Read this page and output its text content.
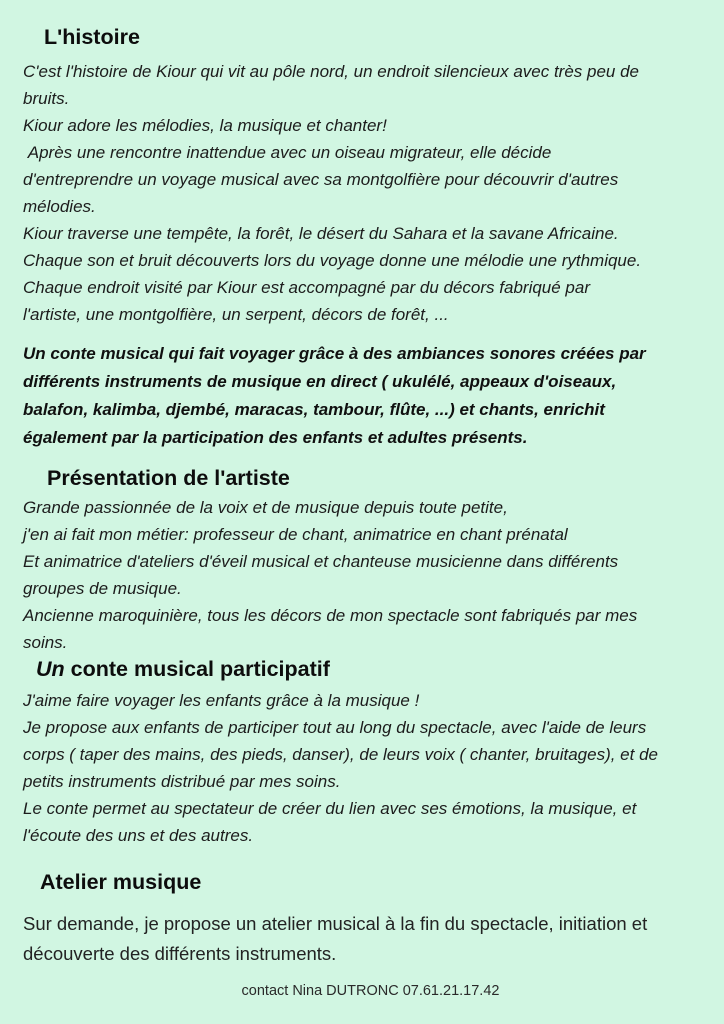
L'histoire
C'est l'histoire de Kiour qui vit au pôle nord, un endroit silencieux avec très peu de
bruits.
Kiour adore les mélodies, la musique et chanter!
Après une rencontre inattendue avec un oiseau migrateur, elle décide
d'entreprendre un voyage musical avec sa montgolfière pour découvrir d'autres
mélodies.
Kiour traverse une tempête, la forêt, le désert du Sahara et la savane Africaine.
Chaque son et bruit découverts lors du voyage donne une mélodie une rythmique.
Chaque endroit visité par Kiour est accompagné par du décors fabriqué par
l'artiste, une montgolfière, un serpent, décors de forêt, ...
Un conte musical qui fait voyager grâce à des ambiances sonores créées par
différents instruments de musique en direct ( ukulélé, appeaux d'oiseaux,
balafon, kalimba, djembé, maracas, tambour, flûte, ...) et chants, enrichit
également par la participation des enfants et adultes présents.
Présentation de l'artiste
Grande passionnée de la voix et de musique depuis toute petite,
j'en ai fait mon métier: professeur de chant, animatrice en chant prénatal
Et animatrice d'ateliers d'éveil musical et chanteuse musicienne dans différents
groupes de musique.
Ancienne maroquinière, tous les décors de mon spectacle sont fabriqués par mes
soins.
Un conte musical participatif
J'aime faire voyager les enfants grâce à la musique !
Je propose aux enfants de participer tout au long du spectacle, avec l'aide de leurs
corps ( taper des mains, des pieds, danser), de leurs voix ( chanter, bruitages), et de
petits instruments distribué par mes soins.
Le conte permet au spectateur de créer du lien avec ses émotions, la musique, et
l'écoute des uns et des autres.
Atelier musique
Sur demande, je propose un atelier musical à la fin du spectacle, initiation et
découverte des différents instruments.
contact Nina DUTRONC 07.61.21.17.42
